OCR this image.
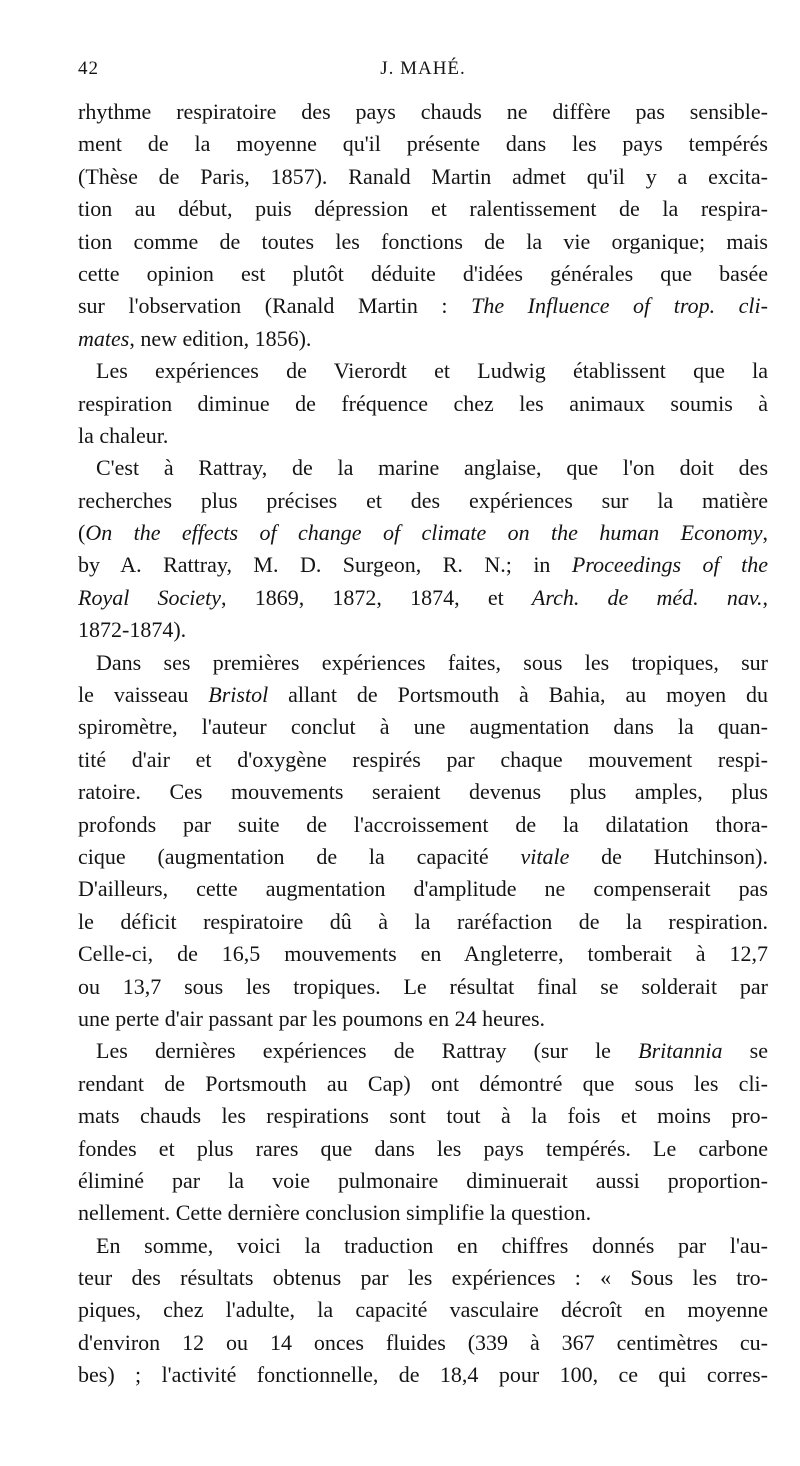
42	J. MAHÉ.
rhythme respiratoire des pays chauds ne diffère pas sensible-
ment de la moyenne qu'il présente dans les pays tempérés
(Thèse de Paris, 1857). Ranald Martin admet qu'il y a excita-
tion au début, puis dépression et ralentissement de la respira-
tion comme de toutes les fonctions de la vie organique; mais
cette opinion est plutôt déduite d'idées générales que basée
sur l'observation (Ranald Martin : The Influence of trop. cli-
mates, new edition, 1856).
Les expériences de Vierordt et Ludwig établissent que la
respiration diminue de fréquence chez les animaux soumis à
la chaleur.
C'est à Rattray, de la marine anglaise, que l'on doit des
recherches plus précises et des expériences sur la matière
(On the effects of change of climate on the human Economy,
by A. Rattray, M. D. Surgeon, R. N.; in Proceedings of the
Royal Society, 1869, 1872, 1874, et Arch. de méd. nav.,
1872-1874).
Dans ses premières expériences faites, sous les tropiques, sur
le vaisseau Bristol allant de Portsmouth à Bahia, au moyen du
spiromètre, l'auteur conclut à une augmentation dans la quan-
tité d'air et d'oxygène respirés par chaque mouvement respi-
ratoire. Ces mouvements seraient devenus plus amples, plus
profonds par suite de l'accroissement de la dilatation thora-
cique (augmentation de la capacité vitale de Hutchinson).
D'ailleurs, cette augmentation d'amplitude ne compenserait pas
le déficit respiratoire dû à la raréfaction de la respiration.
Celle-ci, de 16,5 mouvements en Angleterre, tomberait à 12,7
ou 13,7 sous les tropiques. Le résultat final se solderait par
une perte d'air passant par les poumons en 24 heures.
Les dernières expériences de Rattray (sur le Britannia se
rendant de Portsmouth au Cap) ont démontré que sous les cli-
mats chauds les respirations sont tout à la fois et moins pro-
fondes et plus rares que dans les pays tempérés. Le carbone
éliminé par la voie pulmonaire diminuerait aussi proportion-
nellement. Cette dernière conclusion simplifie la question.
En somme, voici la traduction en chiffres donnés par l'au-
teur des résultats obtenus par les expériences : « Sous les tro-
piques, chez l'adulte, la capacité vasculaire décroît en moyenne
d'environ 12 ou 14 onces fluides (339 à 367 centimètres cu-
bes) ; l'activité fonctionnelle, de 18,4 pour 100, ce qui corres-
